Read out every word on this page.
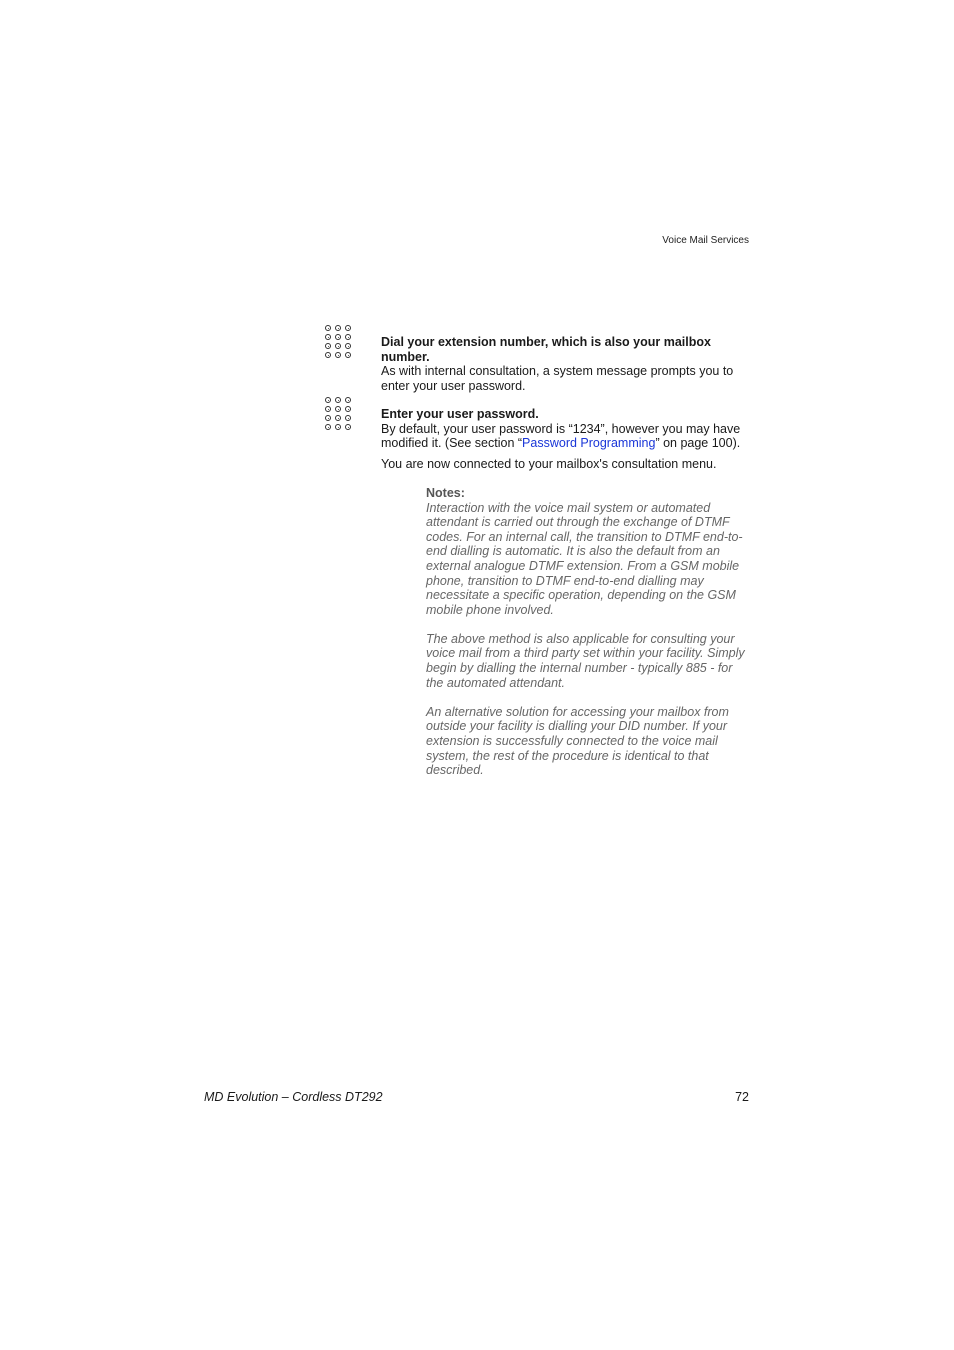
Voice Mail Services
Dial your extension number, which is also your mailbox number.
As with internal consultation, a system message prompts you to enter your user password.
Enter your user password.
By default, your user password is “1234”, however you may have modified it. (See section “Password Programming” on page 100).
You are now connected to your mailbox's consultation menu.
Notes:

Interaction with the voice mail system or automated attendant is carried out through the exchange of DTMF codes. For an internal call, the transition to DTMF end-to-end dialling is automatic. It is also the default from an external analogue DTMF extension. From a GSM mobile phone, transition to DTMF end-to-end dialling may necessitate a specific operation, depending on the GSM mobile phone involved.

The above method is also applicable for consulting your voice mail from a third party set within your facility. Simply begin by dialling the internal number - typically 885 - for the automated attendant.

An alternative solution for accessing your mailbox from outside your facility is dialling your DID number. If your extension is successfully connected to the voice mail system, the rest of the procedure is identical to that described.

MD Evolution – Cordless DT292	72
